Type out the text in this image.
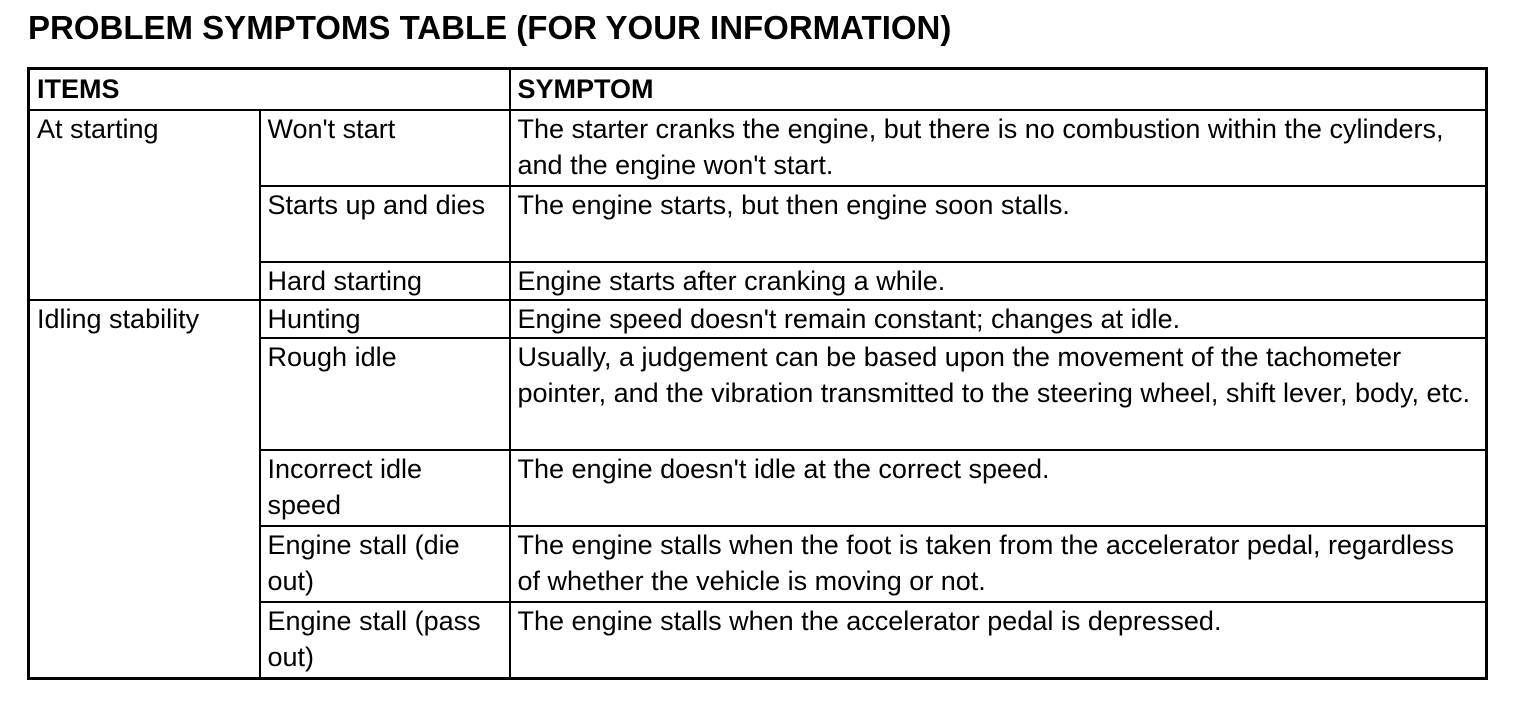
PROBLEM SYMPTOMS TABLE (FOR YOUR INFORMATION)
ITEMS		SYMPTOM
At starting	Won't start	The starter cranks the engine, but there is no combustion within the cylinders, and the engine won't start.
	Starts up and dies	The engine starts, but then engine soon stalls.
	Hard starting	Engine starts after cranking a while.
Idling stability	Hunting	Engine speed doesn't remain constant; changes at idle.
	Rough idle	Usually, a judgement can be based upon the movement of the tachometer pointer, and the vibration transmitted to the steering wheel, shift lever, body, etc.
	Incorrect idle speed	The engine doesn't idle at the correct speed.
	Engine stall (die out)	The engine stalls when the foot is taken from the accelerator pedal, regardless of whether the vehicle is moving or not.
	Engine stall (pass out)	The engine stalls when the accelerator pedal is depressed.
